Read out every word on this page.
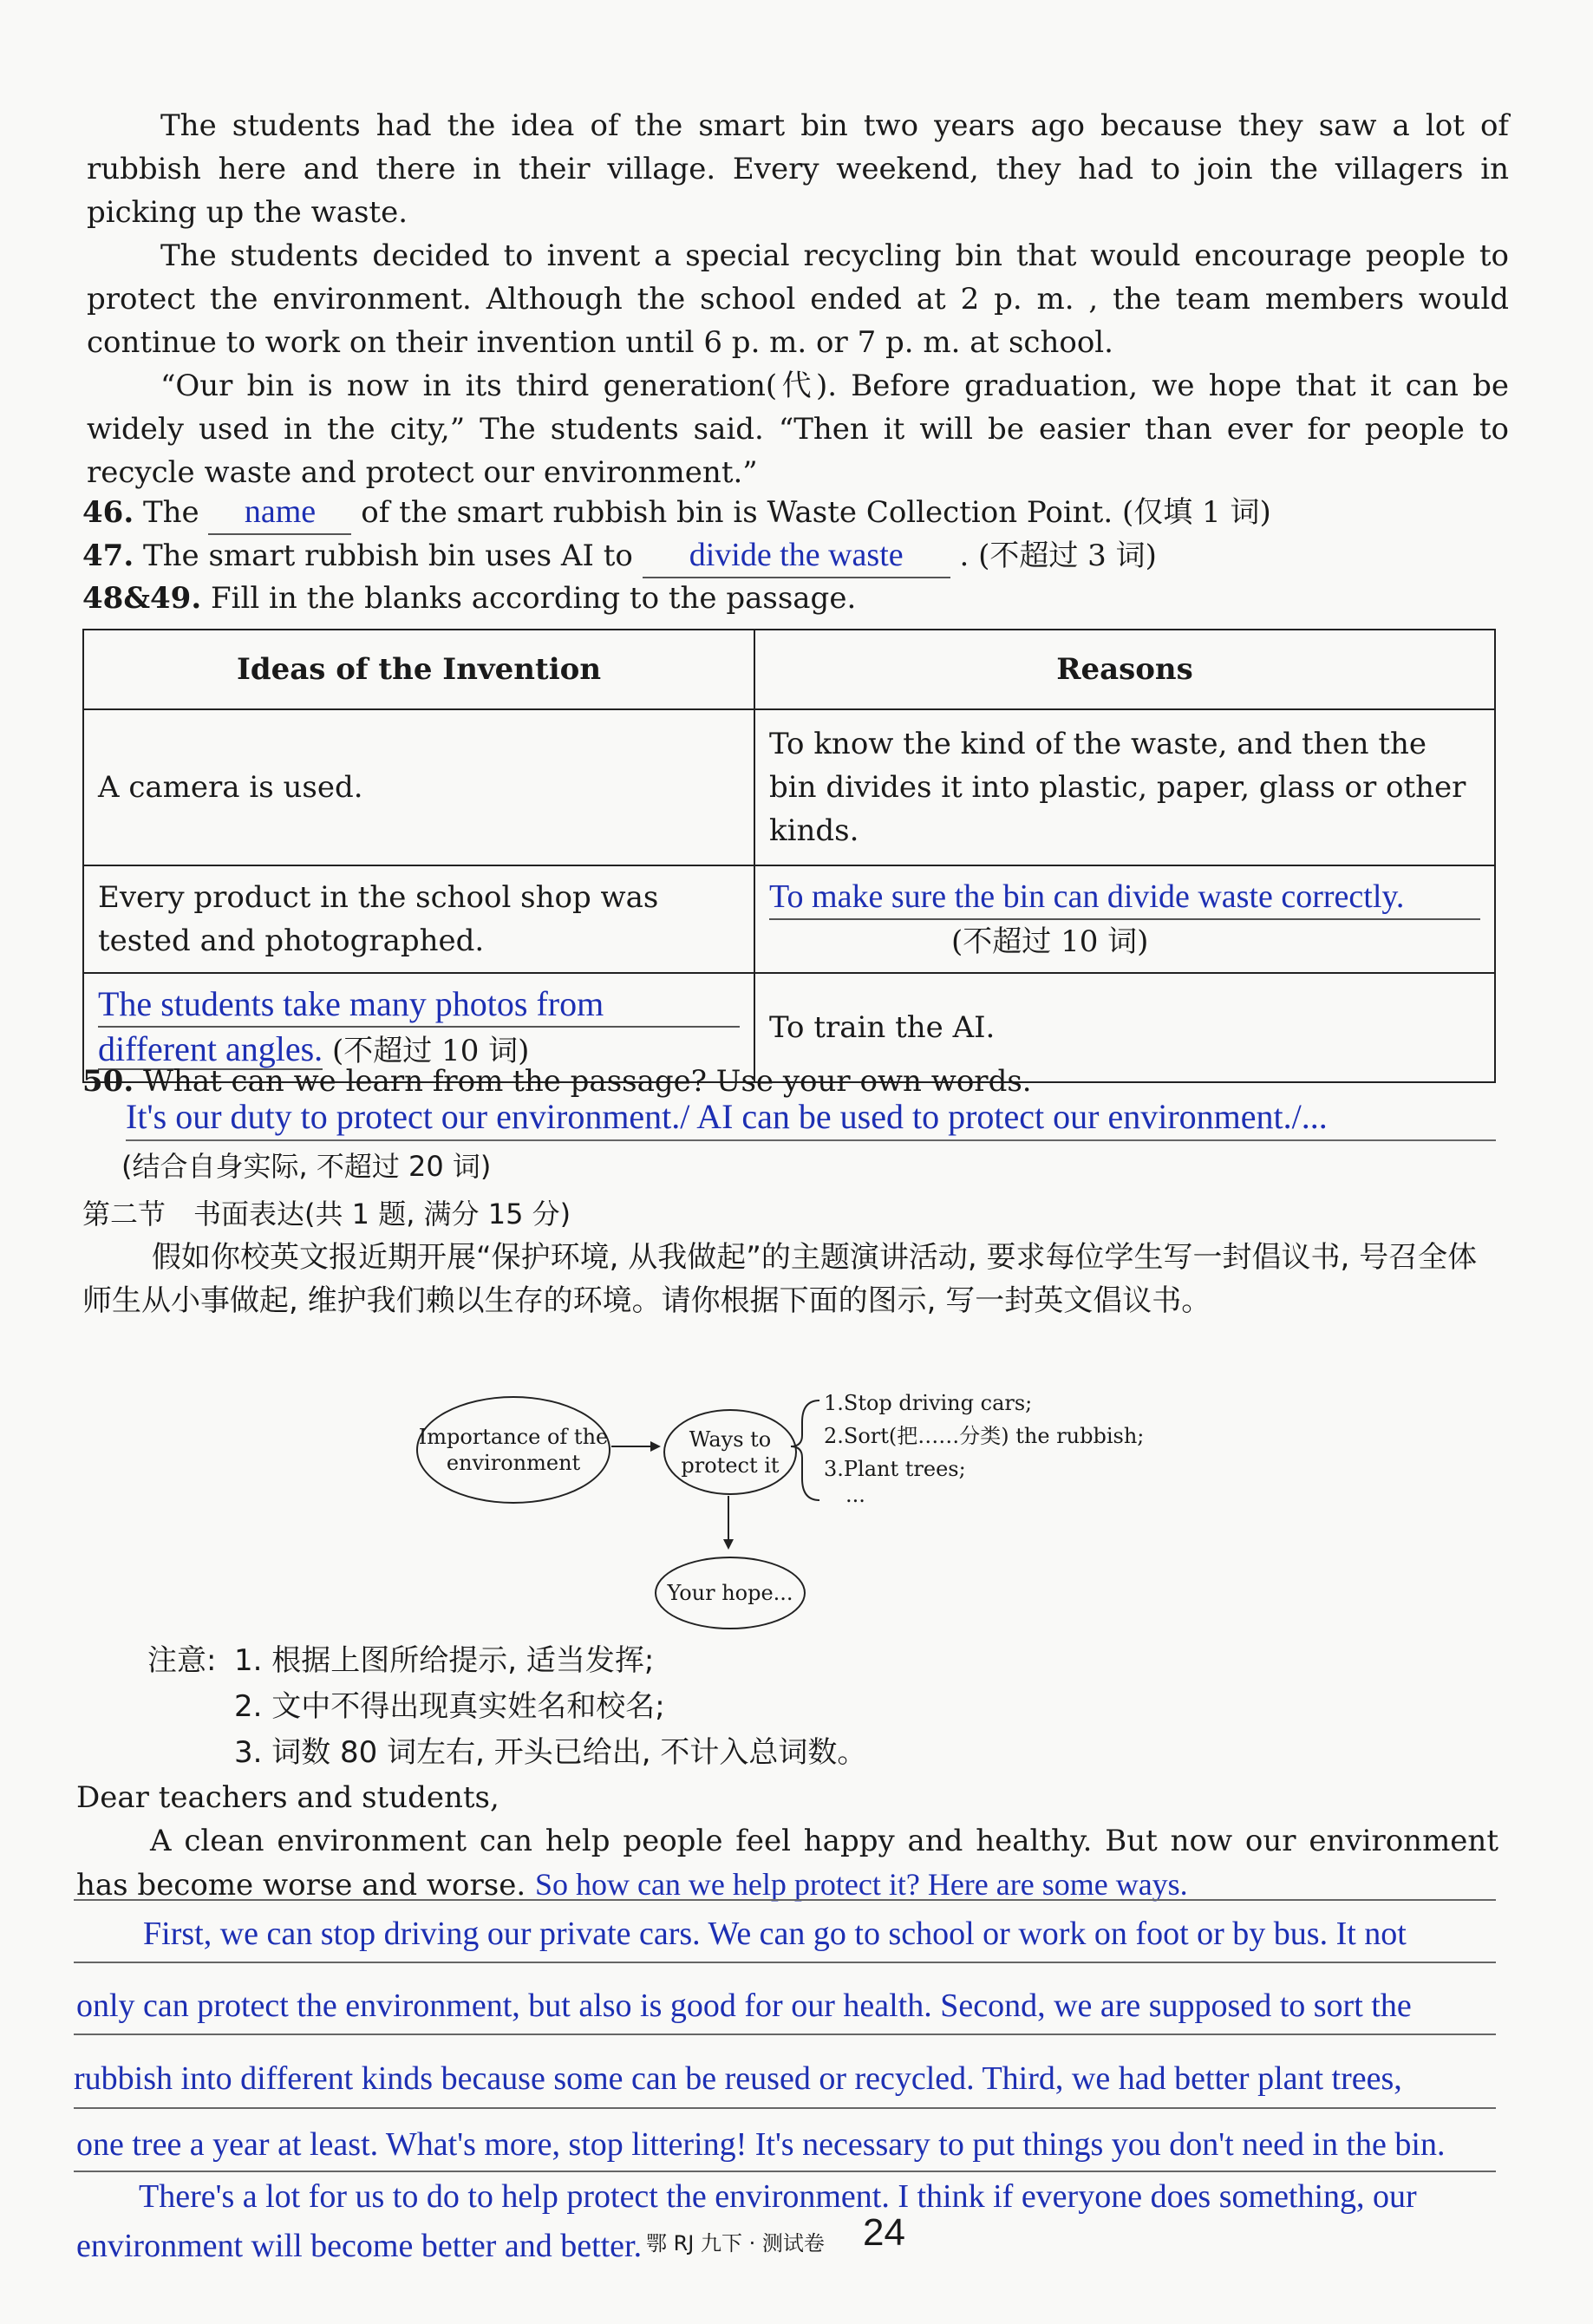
The students had the idea of the smart bin two years ago because they saw a lot of rubbish here and there in their village. Every weekend, they had to join the villagers in picking up the waste.
The students decided to invent a special recycling bin that would encourage people to protect the environment. Although the school ended at 2 p. m. , the team members would continue to work on their invention until 6 p. m. or 7 p. m. at school.
“Our bin is now in its third generation(代). Before graduation, we hope that it can be widely used in the city,” The students said. “Then it will be easier than ever for people to recycle waste and protect our environment.”
46. The name of the smart rubbish bin is Waste Collection Point. (仅填 1 词)
47. The smart rubbish bin uses AI to divide the waste . (不超过 3 词)
48&49. Fill in the blanks according to the passage.
Ideas of the Invention	Reasons
A camera is used.	To know the kind of the waste, and then the bin divides it into plastic, paper, glass or other kinds.
Every product in the school shop was tested and photographed.	To make sure the bin can divide waste correctly.
(不超过 10 词)

The students take many photos from
different angles. (不超过 10 词)	To train the AI.
50. What can we learn from the passage? Use your own words.
It's our duty to protect our environment./ AI can be used to protect our environment./...
(结合自身实际, 不超过 20 词)
第二节　书面表达(共 1 题, 满分 15 分)
假如你校英文报近期开展“保护环境, 从我做起”的主题演讲活动, 要求每位学生写一封倡议书, 号召全体师生从小事做起, 维护我们赖以生存的环境。请你根据下面的图示, 写一封英文倡议书。
Importance of the environment
Ways to protect it
1.Stop driving cars;
2.Sort(把……分类) the rubbish;
3.Plant trees;
...
Your hope...
注意: 1. 根据上图所给提示, 适当发挥;
2. 文中不得出现真实姓名和校名;
3. 词数 80 词左右, 开头已给出, 不计入总词数。
Dear teachers and students,
A clean environment can help people feel happy and healthy. But now our environment has become worse and worse. So how can we help protect it? Here are some ways.
First, we can stop driving our private cars. We can go to school or work on foot or by bus. It not
only can protect the environment, but also is good for our health. Second, we are supposed to sort the
rubbish into different kinds because some can be reused or recycled. Third, we had better plant trees,
one tree a year at least. What's more, stop littering! It's necessary to put things you don't need in the bin.
There's a lot for us to do to help protect the environment. I think if everyone does something, our
environment will become better and better. 鄂 RJ 九下 · 测试卷 24
